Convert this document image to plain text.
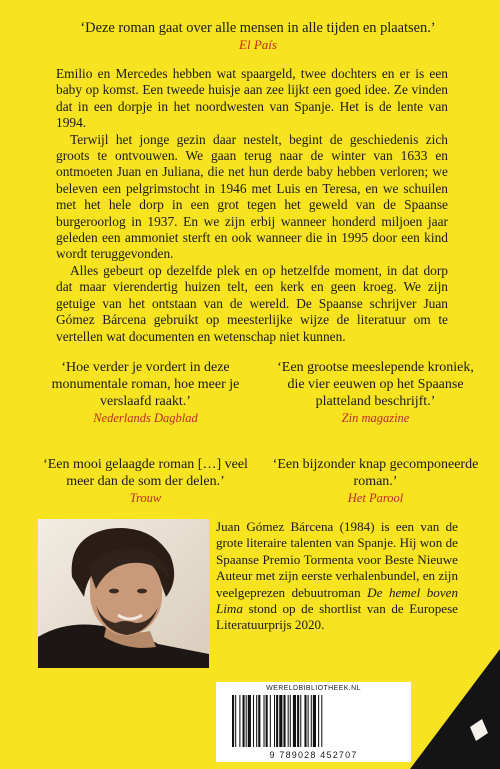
‘Deze roman gaat over alle mensen in alle tijden en plaatsen.’
El País

Emilio en Mercedes hebben wat spaargeld, twee dochters en er is een baby op komst. Een tweede huisje aan zee lijkt een goed idee. Ze vinden dat in een dorpje in het noordwesten van Spanje. Het is de lente van 1994.

Terwijl het jonge gezin daar nestelt, begint de geschiedenis zich groots te ontvouwen. We gaan terug naar de winter van 1633 en ontmoeten Juan en Juliana, die net hun derde baby hebben verloren; we beleven een pelgrimstocht in 1946 met Luis en Teresa, en we schuilen met het hele dorp in een grot tegen het geweld van de Spaanse burgeroorlog in 1937. En we zijn erbij wanneer honderd miljoen jaar geleden een ammoniet sterft en ook wanneer die in 1995 door een kind wordt teruggevonden.

Alles gebeurt op dezelfde plek en op hetzelfde moment, in dat dorp dat maar vierendertig huizen telt, een kerk en geen kroeg. We zijn getuige van het ontstaan van de wereld. De Spaanse schrijver Juan Gómez Bárcena gebruikt op meesterlijke wijze de literatuur om te vertellen wat documenten en wetenschap niet kunnen.

‘Hoe verder je vordert in deze monumentale roman, hoe meer je verslaafd raakt.’
Nederlands Dagblad
‘Een grootse meeslepende kroniek, die vier eeuwen op het Spaanse platteland beschrijft.’
Zin magazine
‘Een mooi gelaagde roman […] veel meer dan de som der delen.’
Trouw
‘Een bijzonder knap gecomponeerde roman.’
Het Parool
Juan Gómez Bárcena (1984) is een van de grote literaire talenten van Spanje. Hij won de Spaanse Premio Tormenta voor Beste Nieuwe Auteur met zijn eerste verhalenbundel, en zijn veelgeprezen debuutroman De hemel boven Lima stond op de shortlist van de Europese Literatuurprijs 2020.
WERELDBIBLIOTHEEK.NL
9 789028 452707
